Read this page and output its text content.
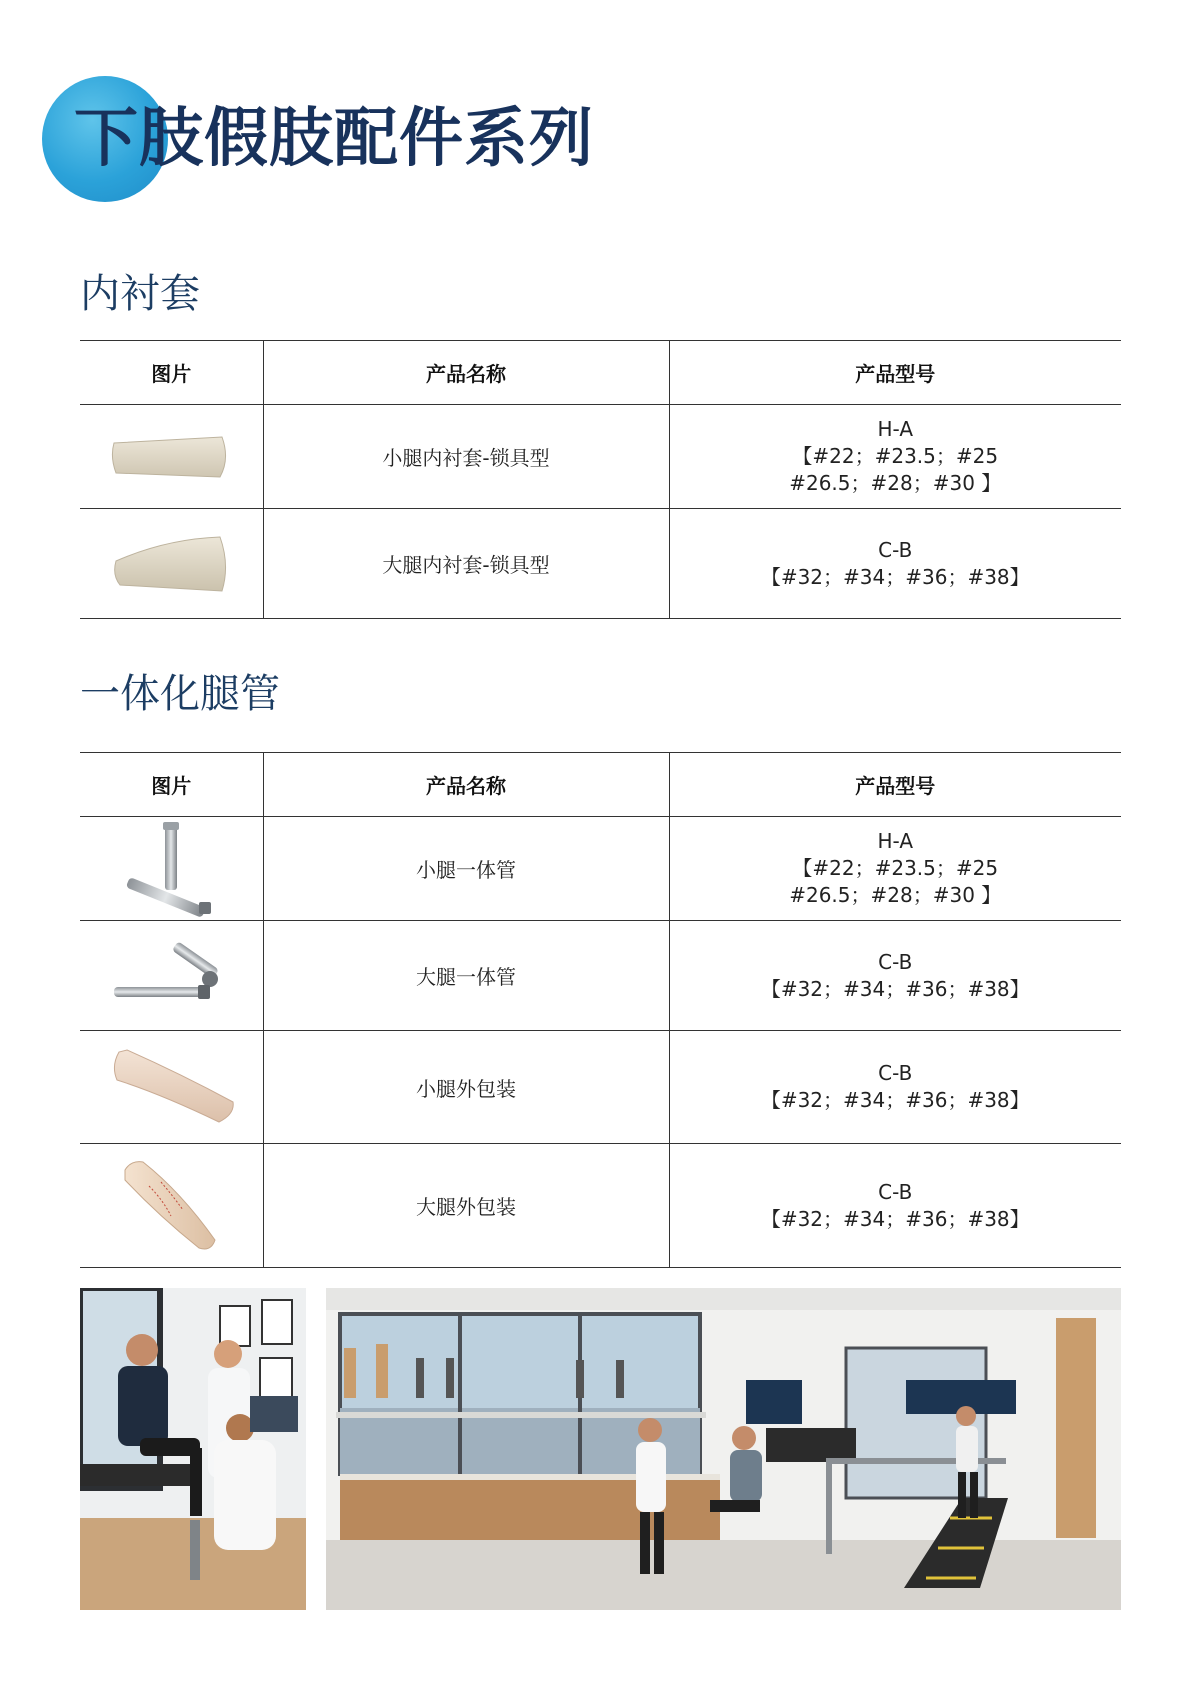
下肢假肢配件系列
内衬套
图片	产品名称	产品型号

	小腿内衬套-锁具型	H-A
【#22；#23.5；#25
#26.5；#28；#30 】

	大腿内衬套-锁具型	C-B
【#32；#34；#36；#38】
一体化腿管
图片	产品名称	产品型号

	小腿一体管	H-A
【#22；#23.5；#25
#26.5；#28；#30 】

	大腿一体管	C-B
【#32；#34；#36；#38】

	小腿外包装	C-B
【#32；#34；#36；#38】

	大腿外包装	C-B
【#32；#34；#36；#38】
